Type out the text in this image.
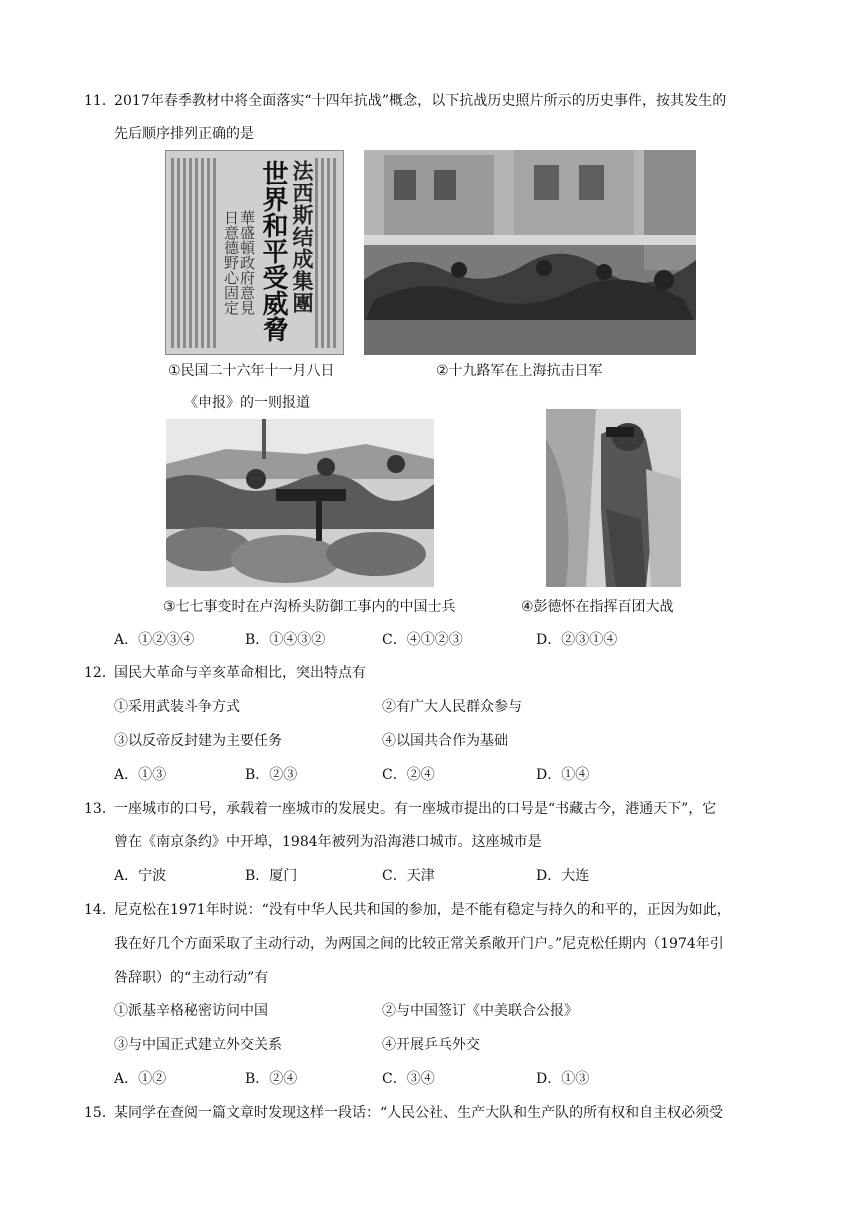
11．
2017年春季教材中将全面落实“十四年抗战”概念，以下抗战历史照片所示的历史事件，按其发生的
先后顺序排列正确的是
法西斯结成集團
世界和平受威脅
華盛頓政府意見
日意德野心固定
①民国二十六年十一月八日
《申报》的一则报道
②十九路军在上海抗击日军
③七七事变时在卢沟桥头防御工事内的中国士兵	④彭德怀在指挥百团大战
A．①②③④	B．①④③②	C．④①②③	D．②③①④
12．
国民大革命与辛亥革命相比，突出特点有
①采用武装斗争方式	②有广大人民群众参与
③以反帝反封建为主要任务	④以国共合作为基础
A．①③	B．②③	C．②④	D．①④
13．
一座城市的口号，承载着一座城市的发展史。有一座城市提出的口号是“书藏古今，港通天下”，它
曾在《南京条约》中开埠，1984年被列为沿海港口城市。这座城市是
A．宁波	B．厦门	C．天津	D．大连
14．
尼克松在1971年时说：“没有中华人民共和国的参加，是不能有稳定与持久的和平的，正因为如此，
我在好几个方面采取了主动行动，为两国之间的比较正常关系敞开门户。”尼克松任期内（1974年引
咎辞职）的“主动行动”有
①派基辛格秘密访问中国	②与中国签订《中美联合公报》
③与中国正式建立外交关系	④开展乒乓外交
A．①②	B．②④	C．③④	D．①③
15．
某同学在查阅一篇文章时发现这样一段话：“人民公社、生产大队和生产队的所有权和自主权必须受
